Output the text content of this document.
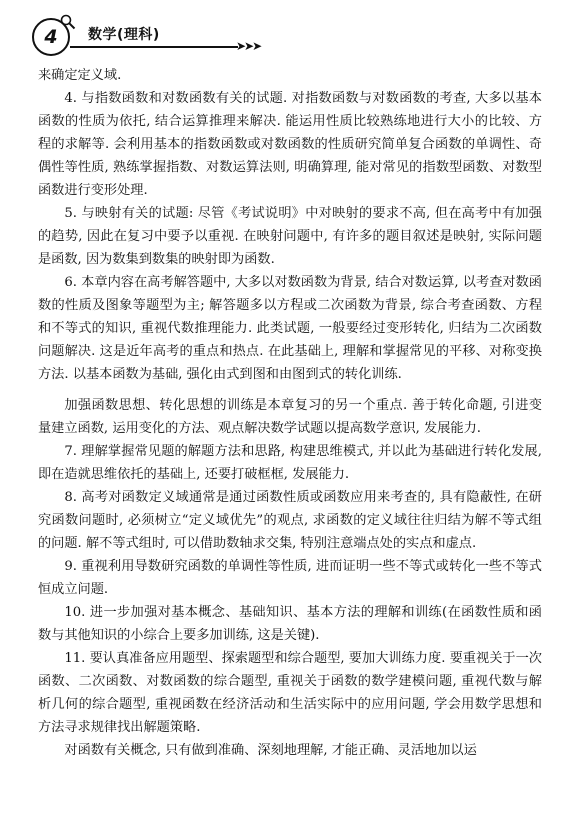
4 数学(理科)
➤➤➤

来确定定义域.

4. 与指数函数和对数函数有关的试题. 对指数函数与对数函数的考查, 大多以基本函数的性质为依托, 结合运算推理来解决. 能运用性质比较熟练地进行大小的比较、方程的求解等. 会利用基本的指数函数或对数函数的性质研究简单复合函数的单调性、奇偶性等性质, 熟练掌握指数、对数运算法则, 明确算理, 能对常见的指数型函数、对数型函数进行变形处理.

5. 与映射有关的试题: 尽管《考试说明》中对映射的要求不高, 但在高考中有加强的趋势, 因此在复习中要予以重视. 在映射问题中, 有许多的题目叙述是映射, 实际问题是函数, 因为数集到数集的映射即为函数.

6. 本章内容在高考解答题中, 大多以对数函数为背景, 结合对数运算, 以考查对数函数的性质及图象等题型为主; 解答题多以方程或二次函数为背景, 综合考查函数、方程和不等式的知识, 重视代数推理能力. 此类试题, 一般要经过变形转化, 归结为二次函数问题解决. 这是近年高考的重点和热点. 在此基础上, 理解和掌握常见的平移、对称变换方法. 以基本函数为基础, 强化由式到图和由图到式的转化训练.

加强函数思想、转化思想的训练是本章复习的另一个重点. 善于转化命题, 引进变量建立函数, 运用变化的方法、观点解决数学试题以提高数学意识, 发展能力.

7. 理解掌握常见题的解题方法和思路, 构建思维模式, 并以此为基础进行转化发展, 即在造就思维依托的基础上, 还要打破框框, 发展能力.

8. 高考对函数定义域通常是通过函数性质或函数应用来考查的, 具有隐蔽性, 在研究函数问题时, 必须树立“定义域优先”的观点, 求函数的定义域往往归结为解不等式组的问题. 解不等式组时, 可以借助数轴求交集, 特别注意端点处的实点和虚点.

9. 重视利用导数研究函数的单调性等性质, 进而证明一些不等式或转化一些不等式恒成立问题.

10. 进一步加强对基本概念、基础知识、基本方法的理解和训练(在函数性质和函数与其他知识的小综合上要多加训练, 这是关键).

11. 要认真准备应用题型、探索题型和综合题型, 要加大训练力度. 要重视关于一次函数、二次函数、对数函数的综合题型, 重视关于函数的数学建模问题, 重视代数与解析几何的综合题型, 重视函数在经济活动和生活实际中的应用问题, 学会用数学思想和方法寻求规律找出解题策略.

对函数有关概念, 只有做到准确、深刻地理解, 才能正确、灵活地加以运
